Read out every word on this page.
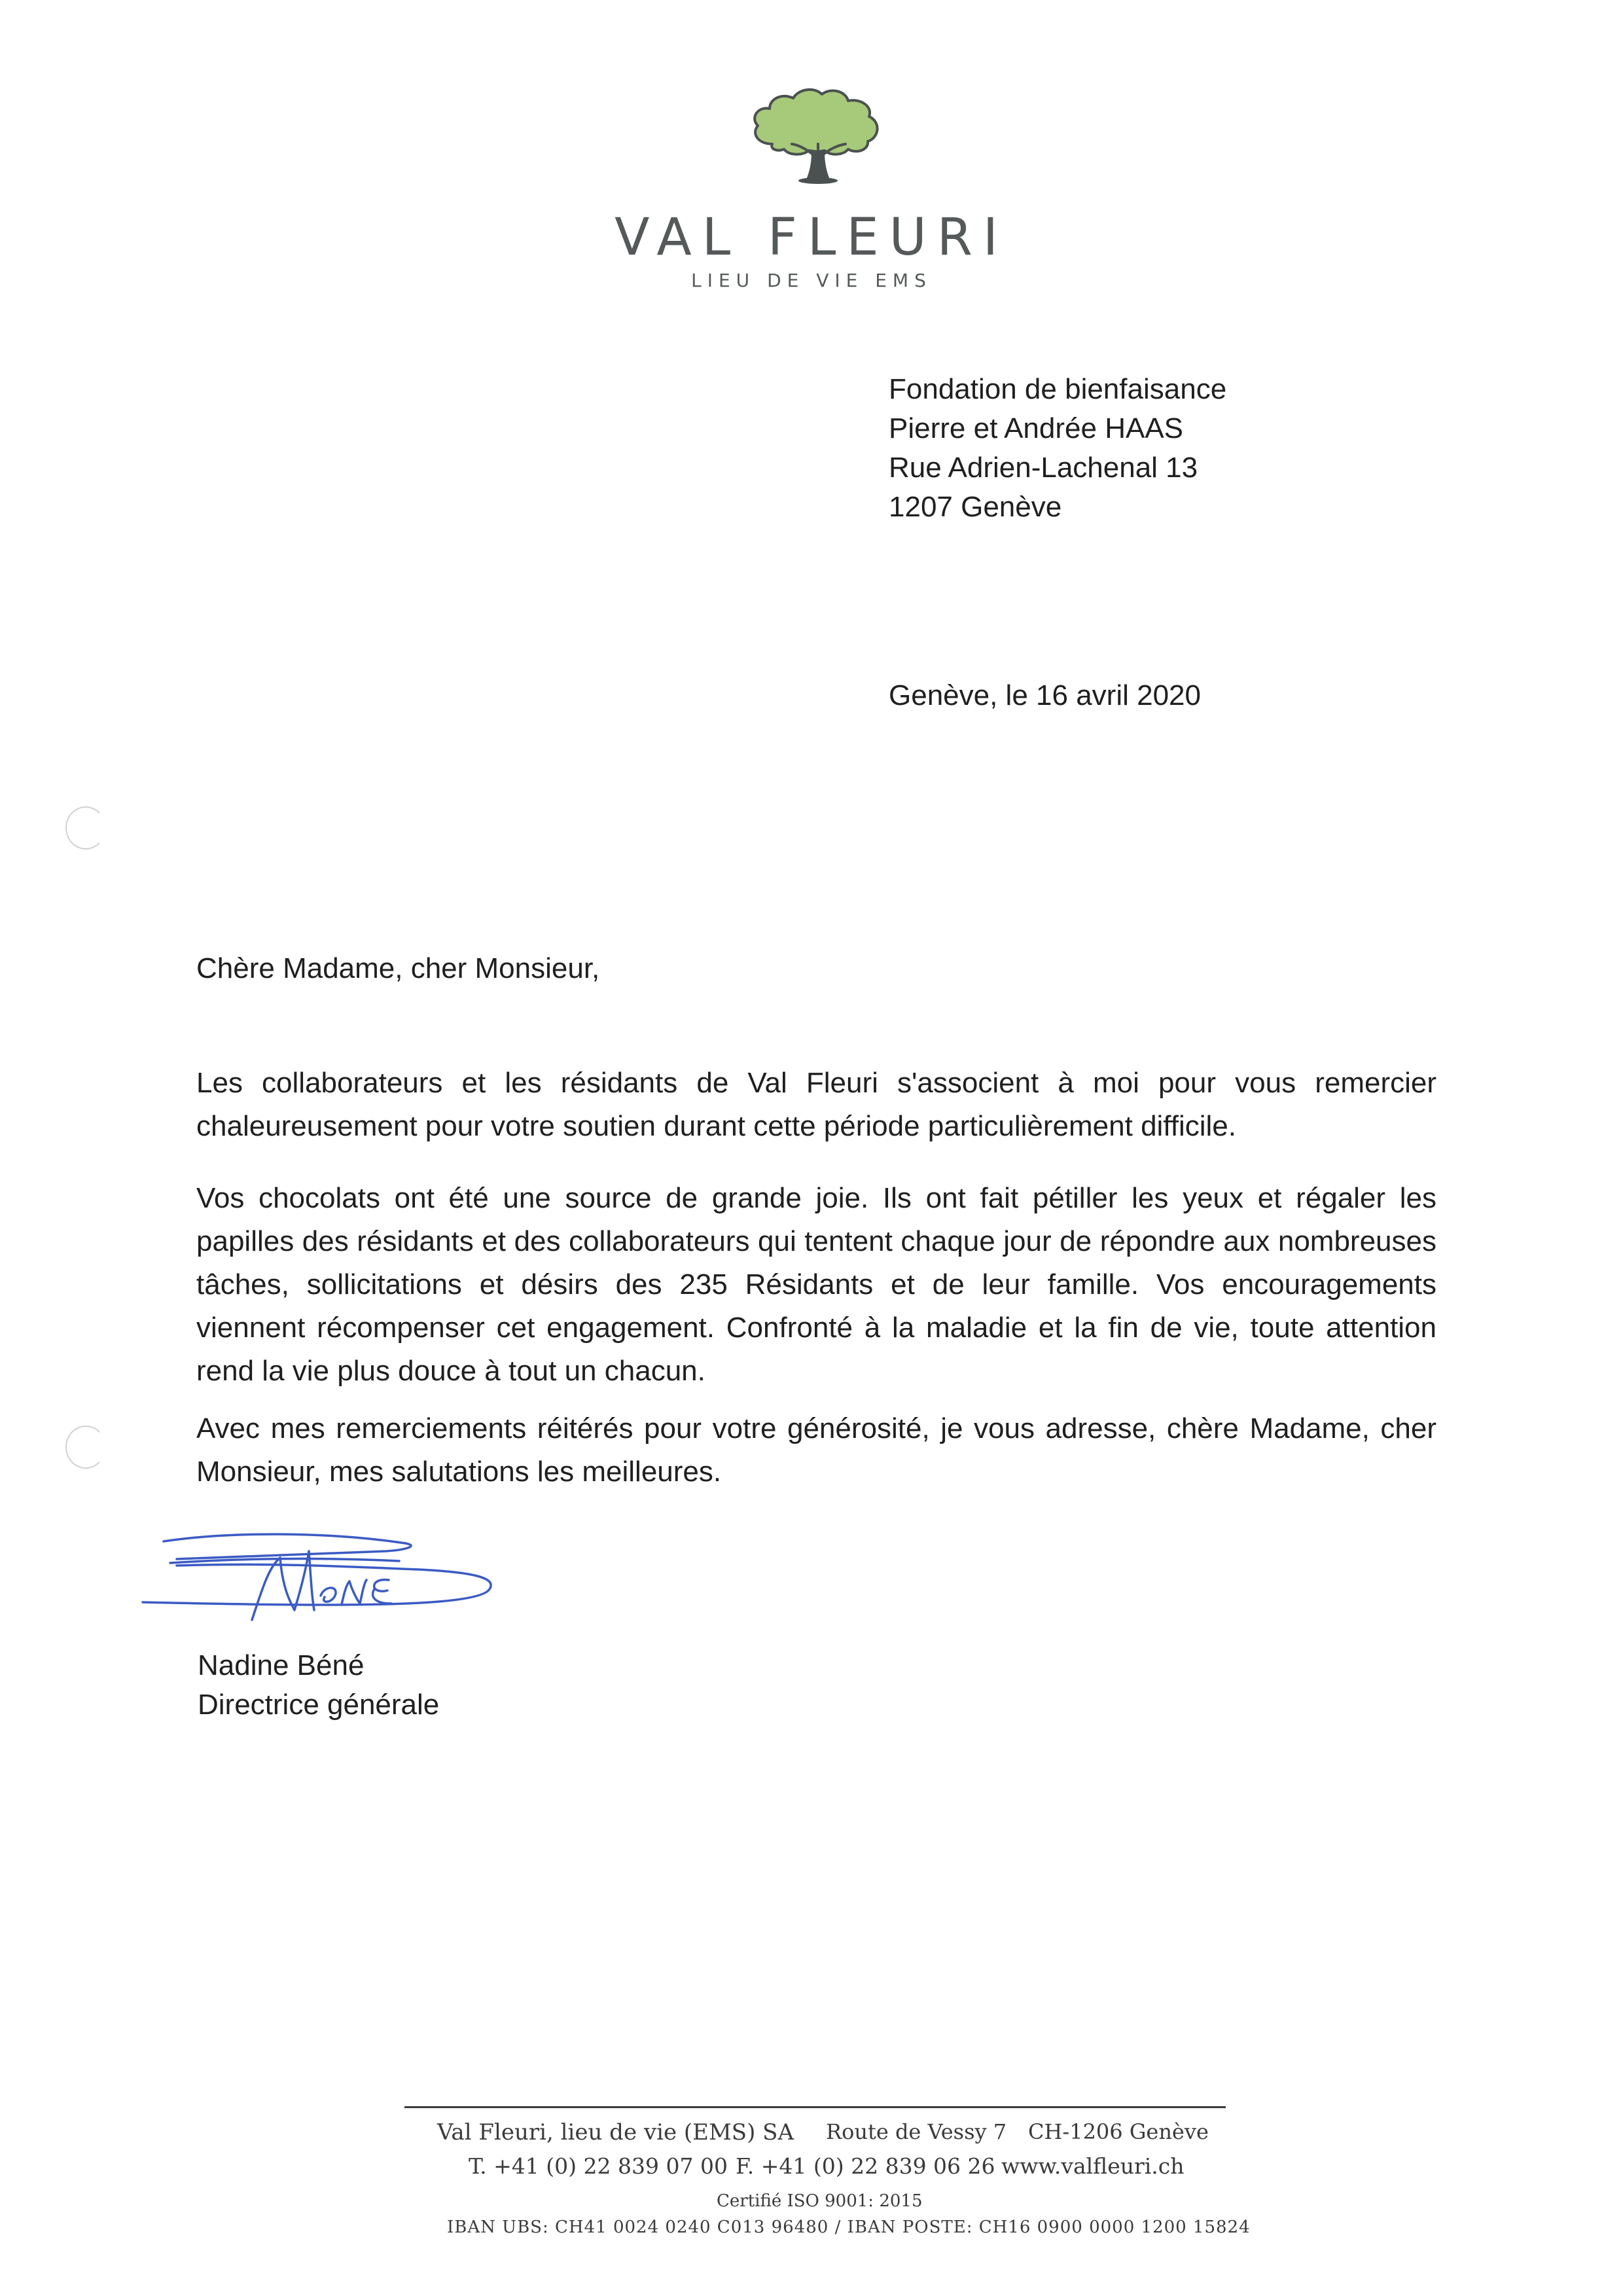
VAL FLEURI
LIEU DE VIE EMS
Fondation de bienfaisance
Pierre et Andrée HAAS
Rue Adrien-Lachenal 13
1207 Genève
Genève, le 16 avril 2020
Chère Madame, cher Monsieur,
Les collaborateurs et les résidants de Val Fleuri s'associent à moi pour vous remercier chaleureusement pour votre soutien durant cette période particulièrement difficile.
Vos chocolats ont été une source de grande joie. Ils ont fait pétiller les yeux et régaler les papilles des résidants et des collaborateurs qui tentent chaque jour de répondre aux nombreuses tâches, sollicitations et désirs des 235 Résidants et de leur famille. Vos encouragements viennent récompenser cet engagement. Confronté à la maladie et la fin de vie, toute attention rend la vie plus douce à tout un chacun.
Avec mes remerciements réitérés pour votre générosité, je vous adresse, chère Madame, cher Monsieur, mes salutations les meilleures.
Nadine Béné
Directrice générale
Val Fleuri, lieu de vie (EMS) SA Route de Vessy 7 CH-1206 Genève
T. +41 (0) 22 839 07 00 F. +41 (0) 22 839 06 26 www.valfleuri.ch
Certifié ISO 9001: 2015
IBAN UBS: CH41 0024 0240 C013 96480 / IBAN POSTE: CH16 0900 0000 1200 15824
